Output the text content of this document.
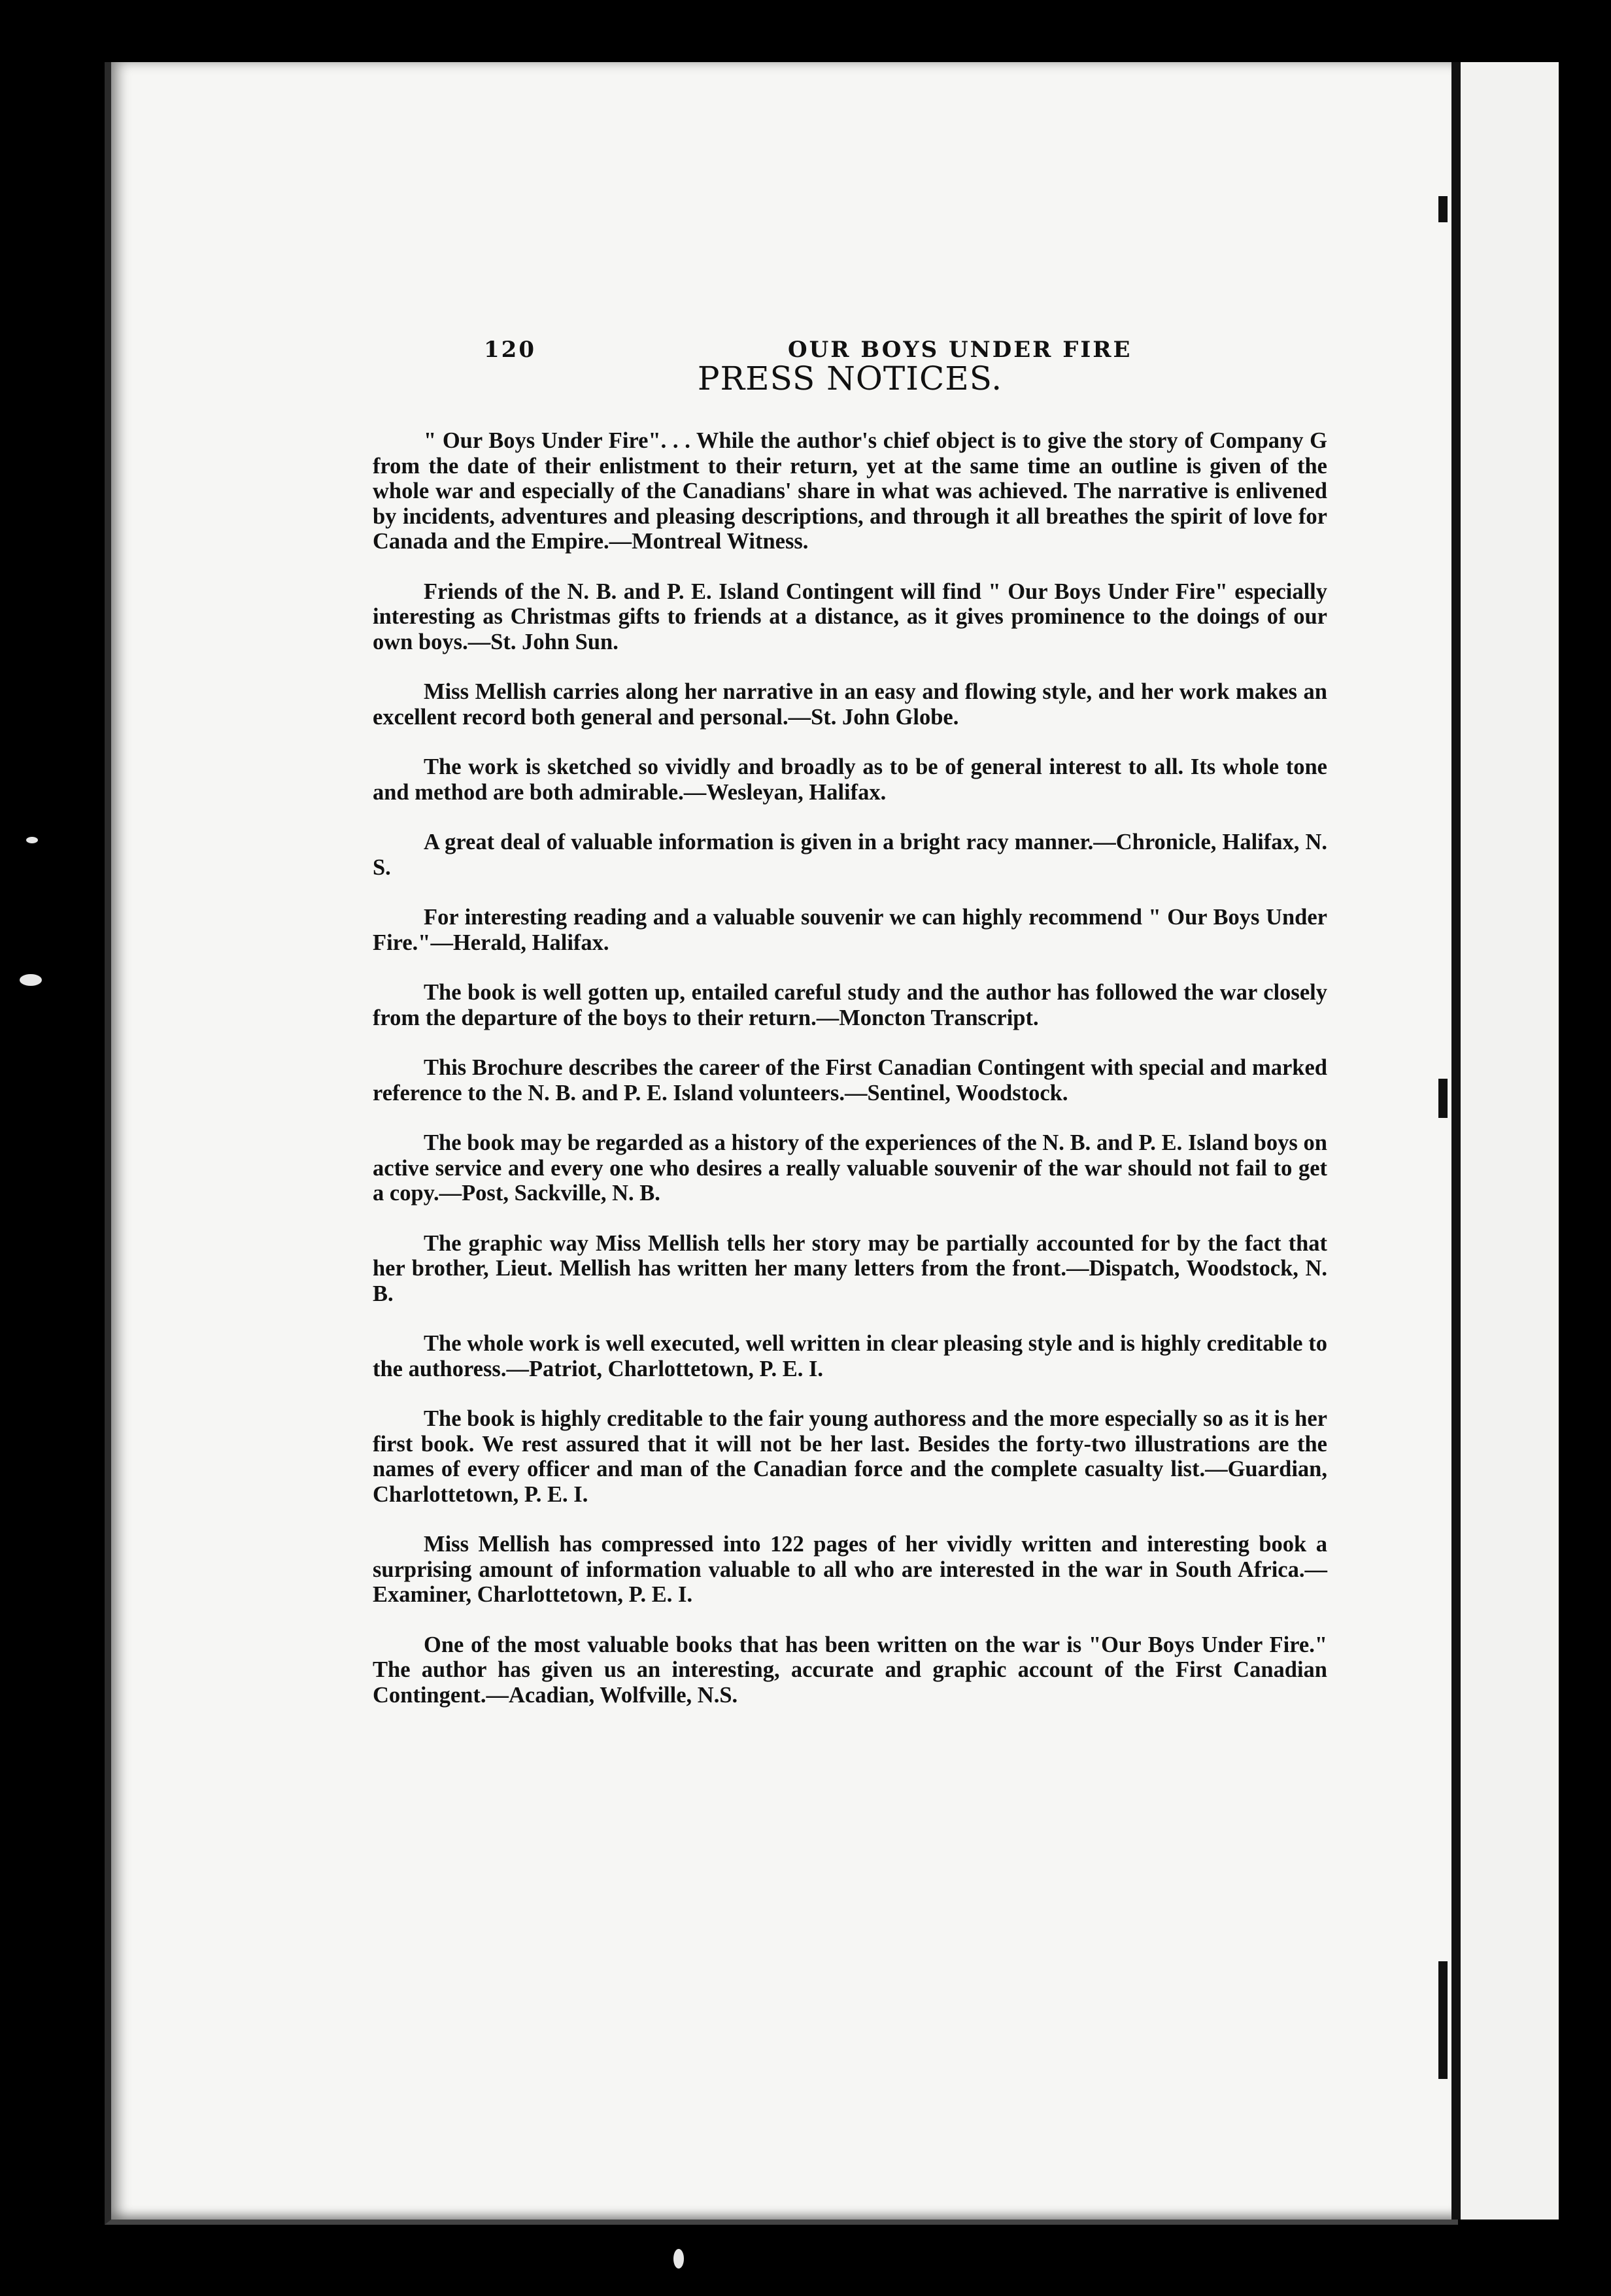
120	OUR BOYS UNDER FIRE
PRESS NOTICES.

" Our Boys Under Fire". . . While the author's chief object is to give the story of Company G from the date of their enlistment to their return, yet at the same time an outline is given of the whole war and especially of the Canadians' share in what was achieved. The narrative is enlivened by incidents, adventures and pleasing descriptions, and through it all breathes the spirit of love for Canada and the Empire.—Montreal Witness.

Friends of the N. B. and P. E. Island Contingent will find " Our Boys Under Fire" especially interesting as Christmas gifts to friends at a distance, as it gives prominence to the doings of our own boys.—St. John Sun.

Miss Mellish carries along her narrative in an easy and flowing style, and her work makes an excellent record both general and personal.—St. John Globe.

The work is sketched so vividly and broadly as to be of general interest to all. Its whole tone and method are both admirable.—Wesleyan, Halifax.

A great deal of valuable information is given in a bright racy manner.—Chronicle, Halifax, N. S.

For interesting reading and a valuable souvenir we can highly recommend " Our Boys Under Fire."—Herald, Halifax.

The book is well gotten up, entailed careful study and the author has followed the war closely from the departure of the boys to their return.—Moncton Transcript.

This Brochure describes the career of the First Canadian Contingent with special and marked reference to the N. B. and P. E. Island volunteers.—Sentinel, Woodstock.

The book may be regarded as a history of the experiences of the N. B. and P. E. Island boys on active service and every one who desires a really valuable souvenir of the war should not fail to get a copy.—Post, Sackville, N. B.

The graphic way Miss Mellish tells her story may be partially accounted for by the fact that her brother, Lieut. Mellish has written her many letters from the front.—Dispatch, Woodstock, N. B.

The whole work is well executed, well written in clear pleasing style and is highly creditable to the authoress.—Patriot, Charlottetown, P. E. I.

The book is highly creditable to the fair young authoress and the more especially so as it is her first book. We rest assured that it will not be her last. Besides the forty-two illustrations are the names of every officer and man of the Canadian force and the complete casualty list.—Guardian, Charlottetown, P. E. I.

Miss Mellish has compressed into 122 pages of her vividly written and interesting book a surprising amount of information valuable to all who are interested in the war in South Africa.—Examiner, Charlottetown, P. E. I.

One of the most valuable books that has been written on the war is "Our Boys Under Fire." The author has given us an interesting, accurate and graphic account of the First Canadian Contingent.—Acadian, Wolfville, N.S.
